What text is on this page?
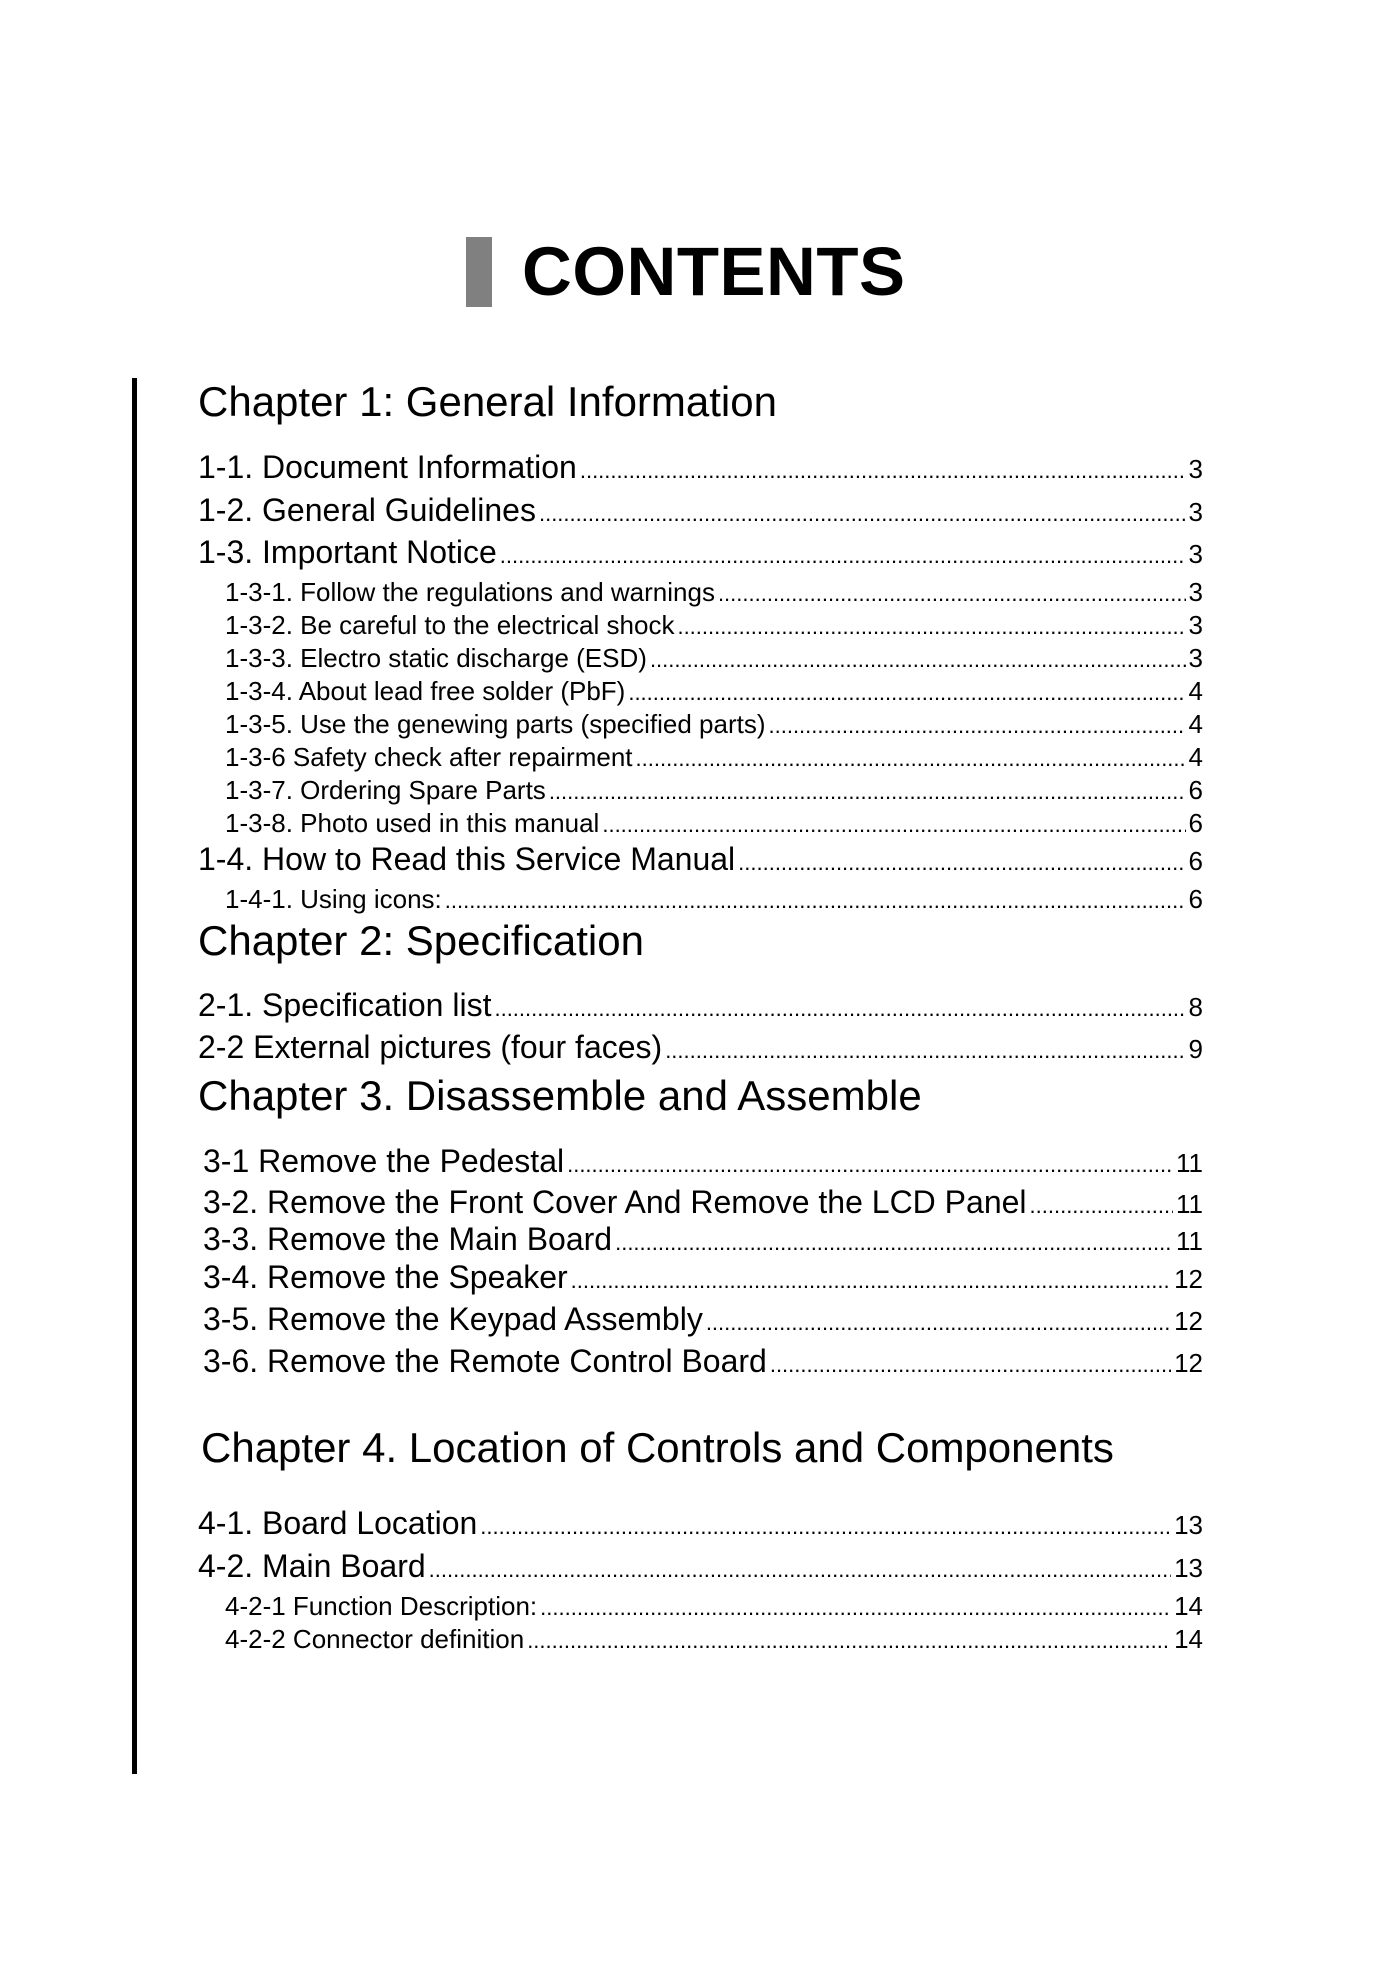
CONTENTS
Chapter 1: General Information
1-1. Document Information .....	3
1-2. General Guidelines .....	3
1-3. Important Notice .....	3
1-3-1. Follow the regulations and warnings .....	3
1-3-2. Be careful to the electrical shock .....	3
1-3-3. Electro static discharge (ESD) .....	3
1-3-4. About lead free solder (PbF) .....	4
1-3-5. Use the genewing parts (specified parts) .....	4
1-3-6 Safety check after repairment .....	4
1-3-7. Ordering Spare Parts .....	6
1-3-8. Photo used in this manual .....	6
1-4. How to Read this Service Manual .....	6
1-4-1. Using icons: .....	6
Chapter 2: Specification
2-1. Specification list .....	8
2-2 External pictures (four faces) .....	9
Chapter 3. Disassemble and Assemble
3-1 Remove the Pedestal .....	11
3-2. Remove the Front Cover And Remove the LCD Panel .....	11
3-3. Remove the Main Board .....	11
3-4. Remove the Speaker .....	12
3-5. Remove the Keypad Assembly .....	12
3-6. Remove the Remote Control Board .....	12
Chapter 4. Location of Controls and Components
4-1. Board Location .....	13
4-2. Main Board .....	13
4-2-1 Function Description: .....	14
4-2-2 Connector definition .....	14
